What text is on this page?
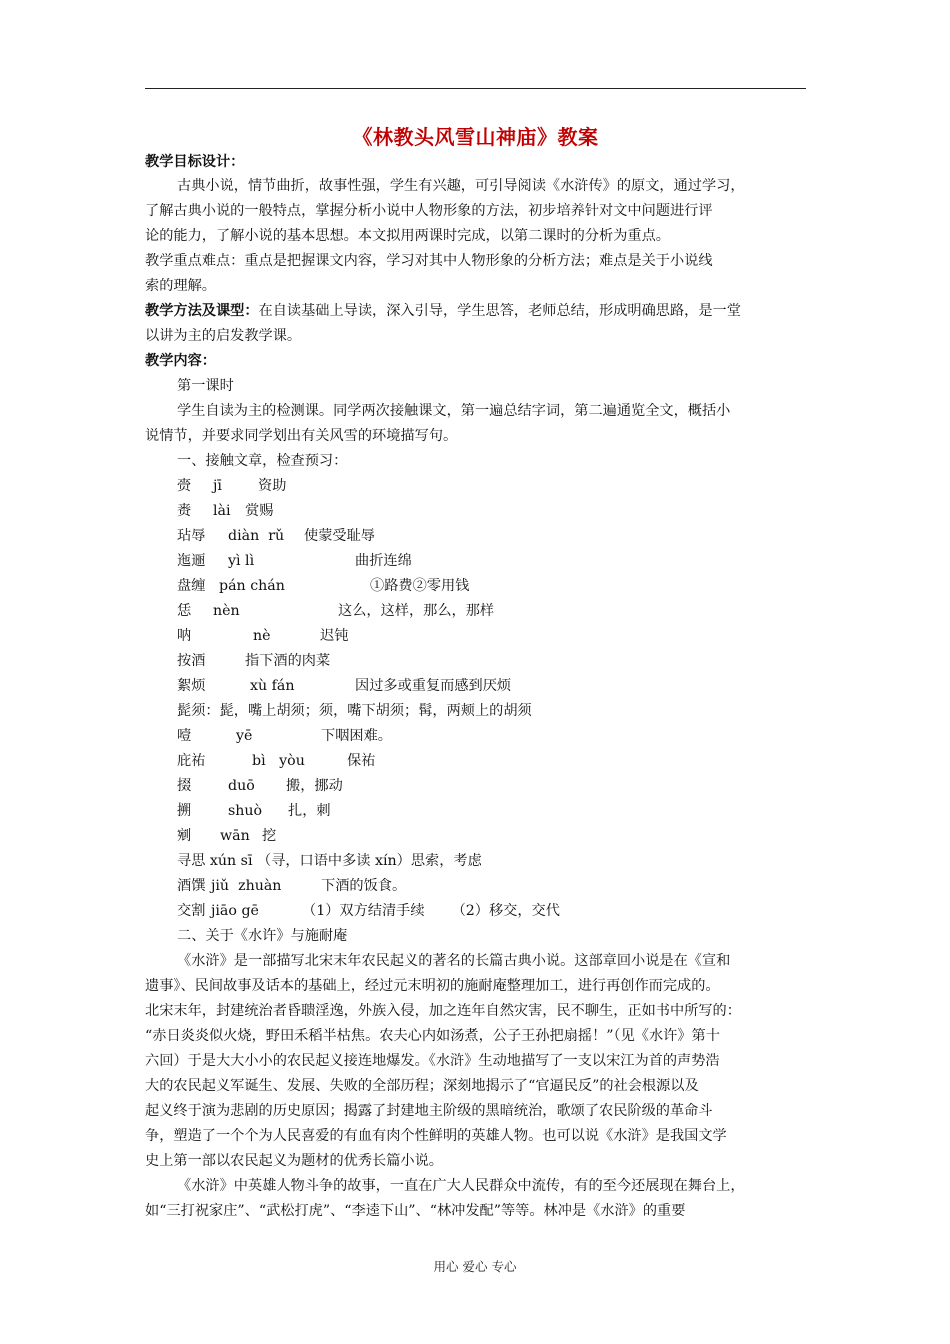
《林教头风雪山神庙》教案
教学目标设计：
古典小说，情节曲折，故事性强，学生有兴趣，可引导阅读《水浒传》的原文，通过学习，
了解古典小说的一般特点，掌握分析小说中人物形象的方法，初步培养针对文中问题进行评
论的能力，了解小说的基本思想。本文拟用两课时完成，以第二课时的分析为重点。
教学重点难点：重点是把握课文内容，学习对其中人物形象的分析方法；难点是关于小说线
索的理解。
教学方法及课型：在自读基础上导读，深入引导，学生思答，老师总结，形成明确思路，是一堂
以讲为主的启发教学课。
教学内容：
第一课时
学生自读为主的检测课。同学两次接触课文，第一遍总结字词，第二遍通览全文，概括小
说情节，并要求同学划出有关风雪的环境描写句。
一、接触文章，检查预习：
赍 jī	资助
赉 lài 赏赐
玷辱 diàn  rǔ 使蒙受耻辱
迤逦 yì lì	曲折连绵
盘缠 pán chán	①路费②零用钱
恁 nèn	这么，这样，那么，那样
呐	nè	迟钝
按酒	指下酒的肉菜
絮烦	xù fán	因过多或重复而感到厌烦
髭须：髭，嘴上胡须；须，嘴下胡须；髯，两颊上的胡须
噎	yē	下咽困难。
庇祐	bì   yòu	保祐
掇	duō 搬，挪动
搠	shuò 扎，刺
剜 wān 挖
寻思 xún sī （寻，口语中多读 xín）思索，考虑
酒馔 jiǔ  zhuàn	下酒的饭食。
交割 jiāo gē	（1）双方结清手续      （2）移交，交代
二、关于《水许》与施耐庵
《水浒》是一部描写北宋末年农民起义的著名的长篇古典小说。这部章回小说是在《宣和
遗事》、民间故事及话本的基础上，经过元末明初的施耐庵整理加工，进行再创作而完成的。
北宋末年，封建统治者昏聩淫逸，外族入侵，加之连年自然灾害，民不聊生，正如书中所写的：
“赤日炎炎似火烧，野田禾稻半枯焦。农夫心内如汤煮，公子王孙把扇摇！”（见《水许》第十
六回）于是大大小小的农民起义接连地爆发。《水浒》生动地描写了一支以宋江为首的声势浩
大的农民起义军诞生、发展、失败的全部历程；深刻地揭示了“官逼民反”的社会根源以及
起义终于演为悲剧的历史原因；揭露了封建地主阶级的黑暗统治，歌颂了农民阶级的革命斗
争，塑造了一个个为人民喜爱的有血有肉个性鲜明的英雄人物。也可以说《水浒》是我国文学
史上第一部以农民起义为题材的优秀长篇小说。
《水浒》中英雄人物斗争的故事，一直在广大人民群众中流传，有的至今还展现在舞台上，
如“三打祝家庄”、“武松打虎”、“李逵下山”、“林冲发配”等等。林冲是《水浒》的重要
用心 爱心 专心
